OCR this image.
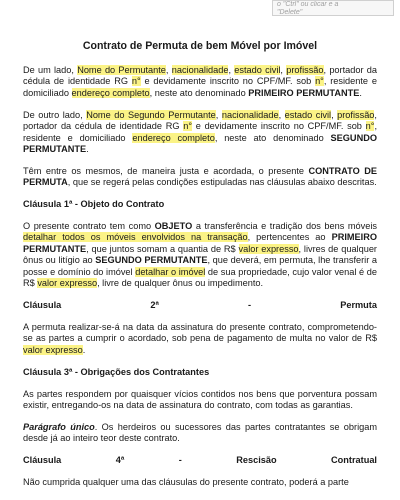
o "Ctrl" ou clicar e a
"Delete"
Contrato de Permuta de bem Móvel por Imóvel

De um lado, Nome do Permutante, nacionalidade, estado civil, profissão, portador da cédula de identidade RG n° e devidamente inscrito no CPF/MF. sob n°, residente e domiciliado endereço completo, neste ato denominado PRIMEIRO PERMUTANTE.

De outro lado, Nome do Segundo Permutante, nacionalidade, estado civil, profissão, portador da cédula de identidade RG n° e devidamente inscrito no CPF/MF. sob n°, residente e domiciliado endereço completo, neste ato denominado SEGUNDO PERMUTANTE.

Têm entre os mesmos, de maneira justa e acordada, o presente CONTRATO DE PERMUTA, que se regerá pelas condições estipuladas nas cláusulas abaixo descritas.

Cláusula 1ª - Objeto do Contrato

O presente contrato tem como OBJETO a transferência e tradição dos bens móveis detalhar todos os móveis envolvidos na transação, pertencentes ao PRIMEIRO PERMUTANTE, que juntos somam a quantia de R$ valor expresso, livres de qualquer ônus ou litígio ao SEGUNDO PERMUTANTE, que deverá, em permuta, lhe transferir a posse e domínio do imóvel detalhar o imóvel de sua propriedade, cujo valor venal é de R$ valor expresso, livre de qualquer ônus ou impedimento.

Cláusula	2ª	-	Permuta

A permuta realizar-se-á na data da assinatura do presente contrato, comprometendo-se as partes a cumprir o acordado, sob pena de pagamento de multa no valor de R$ valor expresso.

Cláusula 3ª - Obrigações dos Contratantes

As partes respondem por quaisquer vícios contidos nos bens que porventura possam existir, entregando-os na data de assinatura do contrato, com todas as garantias.

Parágrafo único. Os herdeiros ou sucessores das partes contratantes se obrigam desde já ao inteiro teor deste contrato.

Cláusula	4ª	-	Rescisão	Contratual

Não cumprida qualquer uma das cláusulas do presente contrato, poderá a parte
